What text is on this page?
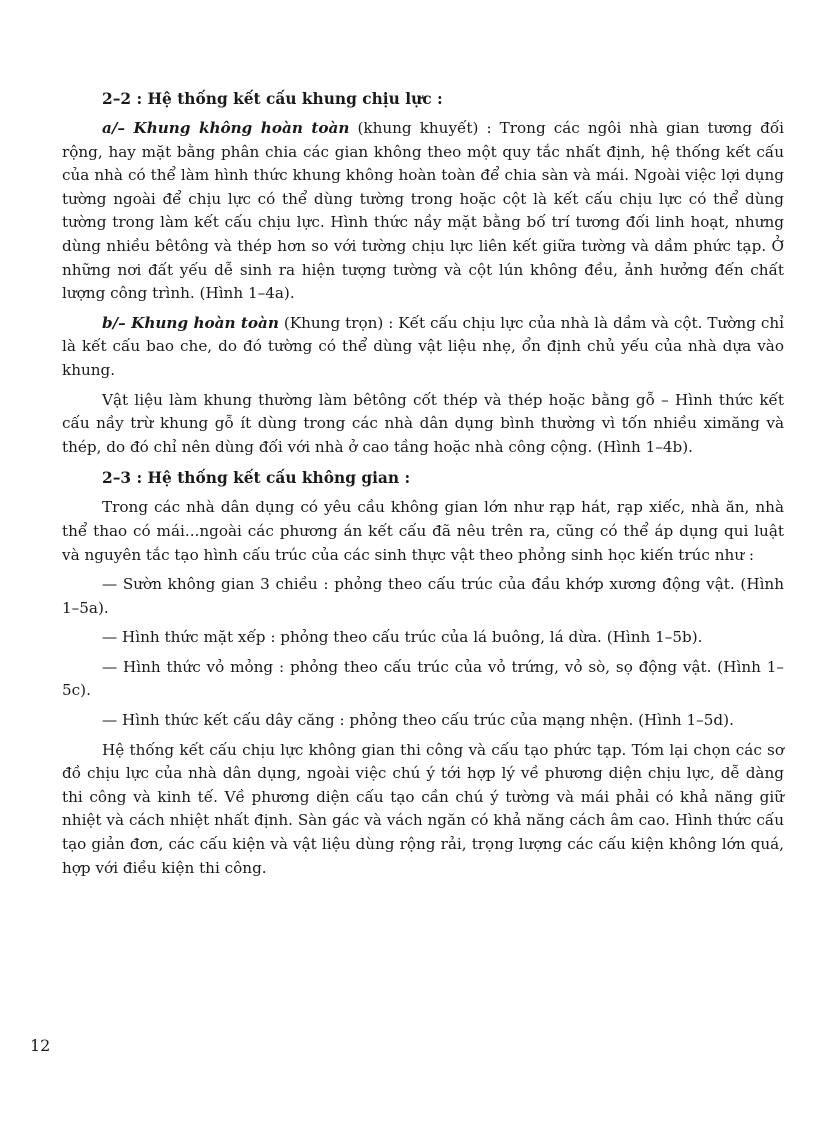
2–2 : Hệ thống kết cấu khung chịu lực :

a/– Khung không hoàn toàn (khung khuyết) : Trong các ngôi nhà gian tương đối rộng, hay mặt bằng phân chia các gian không theo một quy tắc nhất định, hệ thống kết cấu của nhà có thể làm hình thức khung không hoàn toàn để chia sàn và mái. Ngoài việc lợi dụng tường ngoài để chịu lực có thể dùng tường trong hoặc cột là kết cấu chịu lực có thể dùng tường trong làm kết cấu chịu lực. Hình thức nầy mặt bằng bố trí tương đối linh hoạt, nhưng dùng nhiều bêtông và thép hơn so với tường chịu lực liên kết giữa tường và dầm phức tạp. Ở những nơi đất yếu dễ sinh ra hiện tượng tường và cột lún không đều, ảnh hưởng đến chất lượng công trình. (Hình 1–4a).

b/– Khung hoàn toàn (Khung trọn) : Kết cấu chịu lực của nhà là dầm và cột. Tường chỉ là kết cấu bao che, do đó tường có thể dùng vật liệu nhẹ, ổn định chủ yếu của nhà dựa vào khung.

Vật liệu làm khung thường làm bêtông cốt thép và thép hoặc bằng gỗ – Hình thức kết cấu nầy trừ khung gỗ ít dùng trong các nhà dân dụng bình thường vì tốn nhiều ximăng và thép, do đó chỉ nên dùng đối với nhà ở cao tầng hoặc nhà công cộng. (Hình 1–4b).

2–3 : Hệ thống kết cấu không gian :

Trong các nhà dân dụng có yêu cầu không gian lớn như rạp hát, rạp xiếc, nhà ăn, nhà thể thao có mái...ngoài các phương án kết cấu đã nêu trên ra, cũng có thể áp dụng qui luật và nguyên tắc tạo hình cấu trúc của các sinh thực vật theo phỏng sinh học kiến trúc như :

— Sườn không gian 3 chiều : phỏng theo cấu trúc của đầu khớp xương động vật. (Hình 1–5a).

— Hình thức mặt xếp : phỏng theo cấu trúc của lá buông, lá dừa. (Hình 1–5b).

— Hình thức vỏ mỏng : phỏng theo cấu trúc của vỏ trứng, vỏ sò, sọ động vật. (Hình 1–5c).

— Hình thức kết cấu dây căng : phỏng theo cấu trúc của mạng nhện. (Hình 1–5d).

Hệ thống kết cấu chịu lực không gian thi công và cấu tạo phức tạp. Tóm lại chọn các sơ đồ chịu lực của nhà dân dụng, ngoài việc chú ý tới hợp lý về phương diện chịu lực, dễ dàng thi công và kinh tế. Về phương diện cấu tạo cần chú ý tường và mái phải có khả năng giữ nhiệt và cách nhiệt nhất định. Sàn gác và vách ngăn có khả năng cách âm cao. Hình thức cấu tạo giản đơn, các cấu kiện và vật liệu dùng rộng rải, trọng lượng các cấu kiện không lớn quá, hợp với điều kiện thi công.

12
